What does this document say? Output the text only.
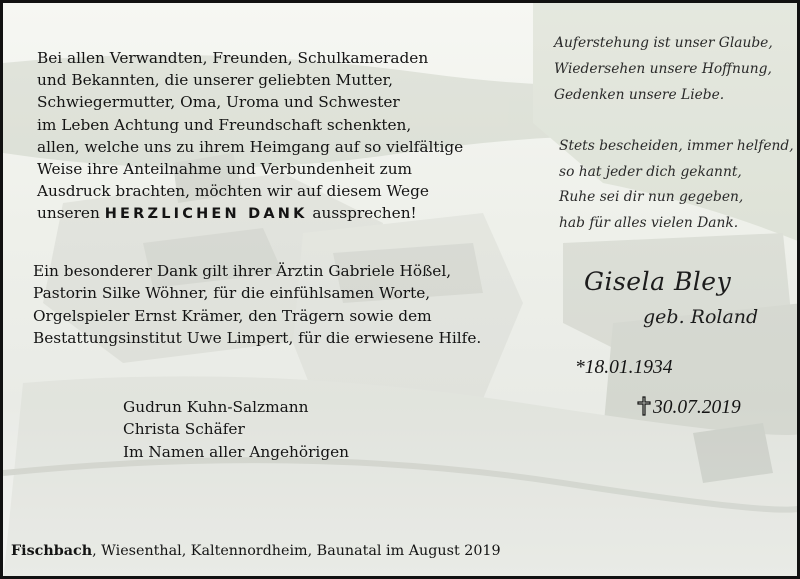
Bei allen Verwandten, Freunden, Schulkameraden
und Bekannten, die unserer geliebten Mutter,
Schwiegermutter, Oma, Uroma und Schwester
im Leben Achtung und Freundschaft schenkten,
allen, welche uns zu ihrem Heimgang auf so vielfältige
Weise ihre Anteilnahme und Verbundenheit zum
Ausdruck brachten, möchten wir auf diesem Wege
unseren HERZLICHEN DANK aussprechen!
Ein besonderer Dank gilt ihrer Ärztin Gabriele Hößel,
Pastorin Silke Wöhner, für die einfühlsamen Worte,
Orgelspieler Ernst Krämer, den Trägern sowie dem
Bestattungsinstitut Uwe Limpert, für die erwiesene Hilfe.
Gudrun Kuhn-Salzmann
Christa Schäfer
Im Namen aller Angehörigen
Auferstehung ist unser Glaube,
Wiedersehen unsere Hoffnung,
Gedenken unsere Liebe.
Stets bescheiden, immer helfend,
so hat jeder dich gekannt,
Ruhe sei dir nun gegeben,
hab für alles vielen Dank.
Gisela Bley
geb. Roland
*18.01.1934
30.07.2019
Fischbach, Wiesenthal, Kaltennordheim, Baunatal im August 2019
